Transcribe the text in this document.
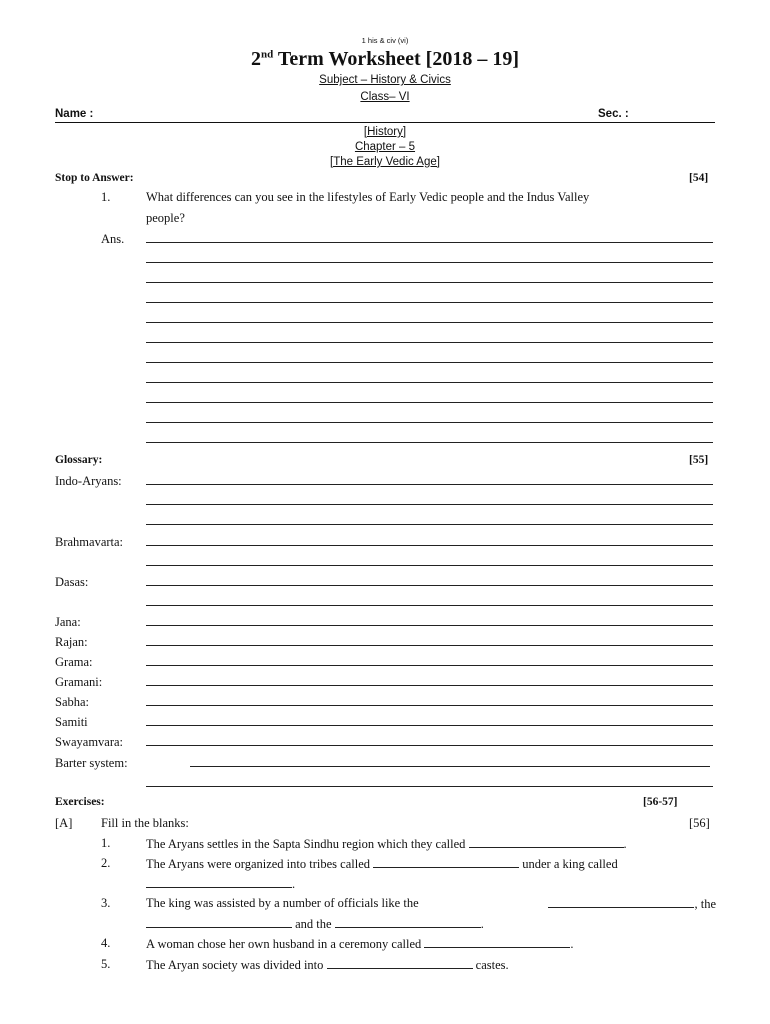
1 his & civ (vi)
2nd Term Worksheet [2018 – 19]
Subject – History & Civics
Class– VI
Name :	Sec. :
[History]
Chapter – 5
[The Early Vedic Age]
Stop to Answer:	[54]
1.	What differences can you see in the lifestyles of Early Vedic people and the Indus Valley
people?
Ans.
Glossary:	[55]
Indo-Aryans:
Brahmavarta:
Dasas:
Jana:
Rajan:
Grama:
Gramani:
Sabha:
Samiti
Swayamvara:
Barter system:
Exercises:	[56-57]
[A] Fill in the blanks:	[56]
1.	The Aryans settles in the Sapta Sindhu region which they called	.
2.	The Aryans were organized into tribes called	under a king called
.
3.	The king was assisted by a number of officials like the	, the
and the	.
4.	A woman chose her own husband in a ceremony called	.
5.	The Aryan society was divided into	castes.
